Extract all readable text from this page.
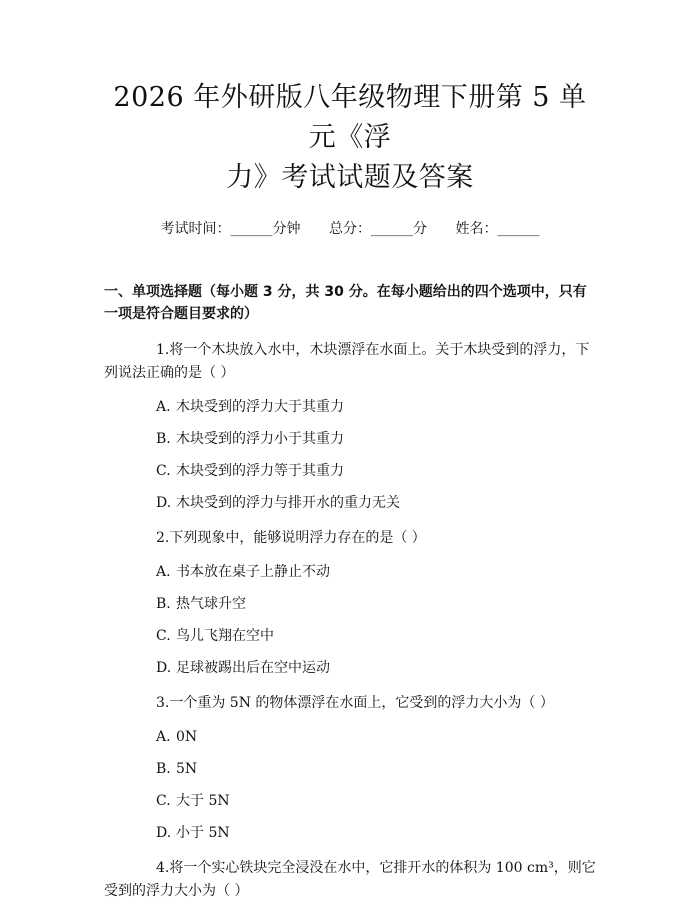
2026 年外研版八年级物理下册第 5 单元《浮
力》考试试题及答案
考试时间：______分钟 总分：______分 姓名：______
一、单项选择题（每小题 3 分，共 30 分。在每小题给出的四个选项中，只有一项是符合题目要求的）
1.将一个木块放入水中，木块漂浮在水面上。关于木块受到的浮力，下列说法正确的是（ ）
A. 木块受到的浮力大于其重力
B. 木块受到的浮力小于其重力
C. 木块受到的浮力等于其重力
D. 木块受到的浮力与排开水的重力无关
2.下列现象中，能够说明浮力存在的是（ ）
A. 书本放在桌子上静止不动
B. 热气球升空
C. 鸟儿飞翔在空中
D. 足球被踢出后在空中运动
3.一个重为 5N 的物体漂浮在水面上，它受到的浮力大小为（ ）
A. 0N
B. 5N
C. 大于 5N
D. 小于 5N
4.将一个实心铁块完全浸没在水中，它排开水的体积为 100 cm³，则它受到的浮力大小为（ ）
